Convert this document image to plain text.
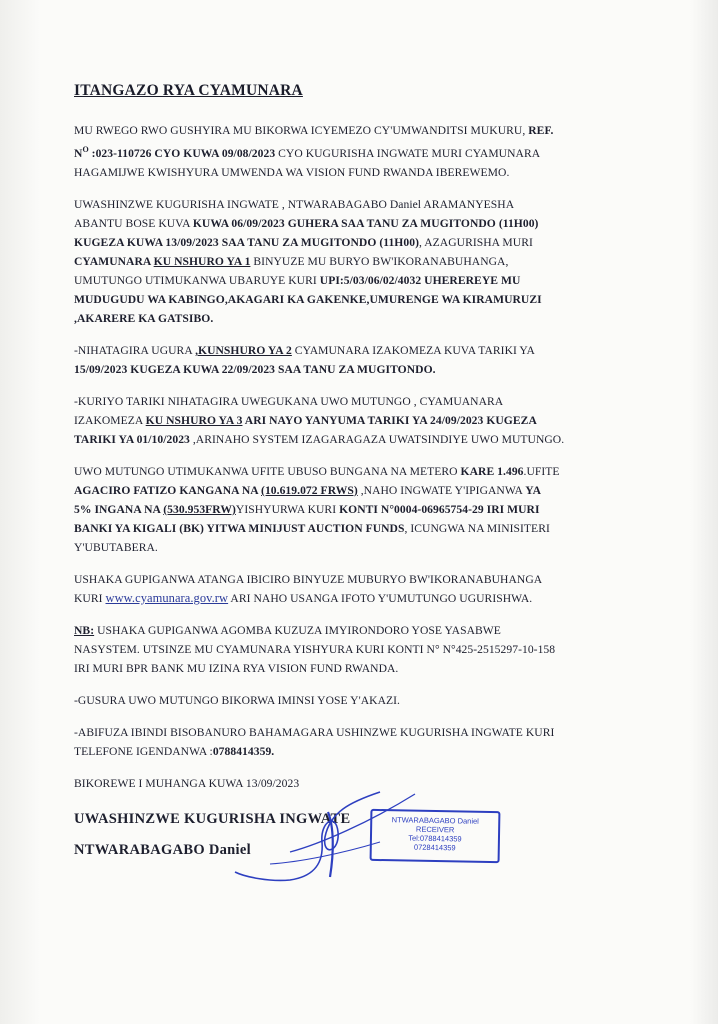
ITANGAZO RYA CYAMUNARA

MU RWEGO RWO GUSHYIRA MU BIKORWA ICYEMEZO CY'UMWANDITSI MUKURU, REF.
$N^O$ :023-110726 CYO KUWA 09/08/2023 CYO KUGURISHA INGWATE MURI CYAMUNARA
HAGAMIJWE KWISHYURA UMWENDA WA VISION FUND RWANDA IBEREWEMO.

UWASHINZWE KUGURISHA INGWATE , NTWARABAGABO Daniel ARAMANYESHA
ABANTU BOSE KUVA KUWA 06/09/2023 GUHERA SAA TANU ZA MUGITONDO (11H00)
KUGEZA KUWA 13/09/2023 SAA TANU ZA MUGITONDO (11H00), AZAGURISHA MURI
CYAMUNARA KU NSHURO YA 1 BINYUZE MU BURYO BW'IKORANABUHANGA,
UMUTUNGO UTIMUKANWA UBARUYE KURI UPI:5/03/06/02/4032 UHEREREYE MU
MUDUGUDU WA KABINGO,AKAGARI KA GAKENKE,UMURENGE WA KIRAMURUZI
,AKARERE KA GATSIBO.

-NIHATAGIRA UGURA ,KUNSHURO YA 2 CYAMUNARA IZAKOMEZA KUVA TARIKI YA
15/09/2023 KUGEZA KUWA 22/09/2023 SAA TANU ZA MUGITONDO.

-KURIYO TARIKI NIHATAGIRA UWEGUKANA UWO MUTUNGO , CYAMUANARA
IZAKOMEZA KU NSHURO YA 3 ARI NAYO YANYUMA TARIKI YA 24/09/2023 KUGEZA
TARIKI YA 01/10/2023 ,ARINAHO SYSTEM IZAGARAGAZA UWATSINDIYE UWO MUTUNGO.

UWO MUTUNGO UTIMUKANWA UFITE UBUSO BUNGANA NA METERO KARE 1.496.UFITE
AGACIRO FATIZO KANGANA NA (10.619.072 FRWS) ,NAHO INGWATE Y'IPIGANWA YA
5% INGANA NA (530.953FRW)YISHYURWA KURI KONTI N°0004-06965754-29 IRI MURI
BANKI YA KIGALI (BK) YITWA MINIJUST AUCTION FUNDS, ICUNGWA NA MINISITERI
Y'UBUTABERA.

USHAKA GUPIGANWA ATANGA IBICIRO BINYUZE MUBURYO BW'IKORANABUHANGA
KURI www.cyamunara.gov.rw ARI NAHO USANGA IFOTO Y'UMUTUNGO UGURISHWA.

NB: USHAKA GUPIGANWA AGOMBA KUZUZA IMYIRONDORO YOSE YASABWE
NASYSTEM. UTSINZE MU CYAMUNARA YISHYURA KURI KONTI N° N°425-2515297-10-158
IRI MURI BPR BANK MU IZINA RYA VISION FUND RWANDA.

-GUSURA UWO MUTUNGO BIKORWA IMINSI YOSE Y'AKAZI.

-ABIFUZA IBINDI BISOBANURO BAHAMAGARA USHINZWE KUGURISHA INGWATE KURI
TELEFONE IGENDANWA :0788414359.

BIKOREWE I MUHANGA KUWA 13/09/2023

UWASHINZWE KUGURISHA INGWATE
NTWARABAGABO Daniel
NTWARABAGABO Daniel
RECEIVER
Tel:0788414359
0728414359
